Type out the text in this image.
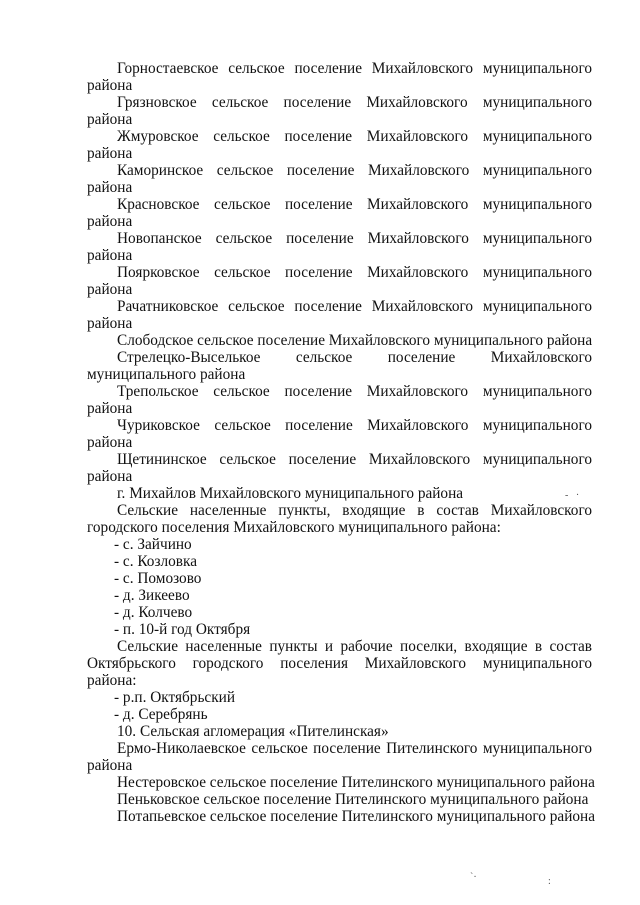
Горностаевское сельское поселение Михайловского муниципального района

Грязновское сельское поселение Михайловского муниципального района

Жмуровское сельское поселение Михайловского муниципального района

Каморинское сельское поселение Михайловского муниципального района

Красновское сельское поселение Михайловского муниципального района

Новопанское сельское поселение Михайловского муниципального района

Поярковское сельское поселение Михайловского муниципального района

Рачатниковское сельское поселение Михайловского муниципального района

Слободское сельское поселение Михайловского муниципального района

Стрелецко-Выселькое сельское поселение Михайловского муниципального района

Трепольское сельское поселение Михайловского муниципального района

Чуриковское сельское поселение Михайловского муниципального района

Щетининское сельское поселение Михайловского муниципального района

г. Михайлов Михайловского муниципального района

Сельские населенные пункты, входящие в состав Михайловского городского поселения Михайловского муниципального района:

- с. Зайчино

- с. Козловка

- с. Помозово

- д. Зикеево

- д. Колчево

- п. 10-й год Октября

Сельские населенные пункты и рабочие поселки, входящие в состав Октябрьского городского поселения Михайловского муниципального района:

- р.п. Октябрьский

- д. Серебрянь

10. Сельская агломерация «Пителинская»

Ермо-Николаевское сельское поселение Пителинского муниципального района

Нестеровское сельское поселение Пителинского муниципального района

Пеньковское сельское поселение Пителинского муниципального района

Потапьевское сельское поселение Пителинского муниципального района

-   ·
`·	:
